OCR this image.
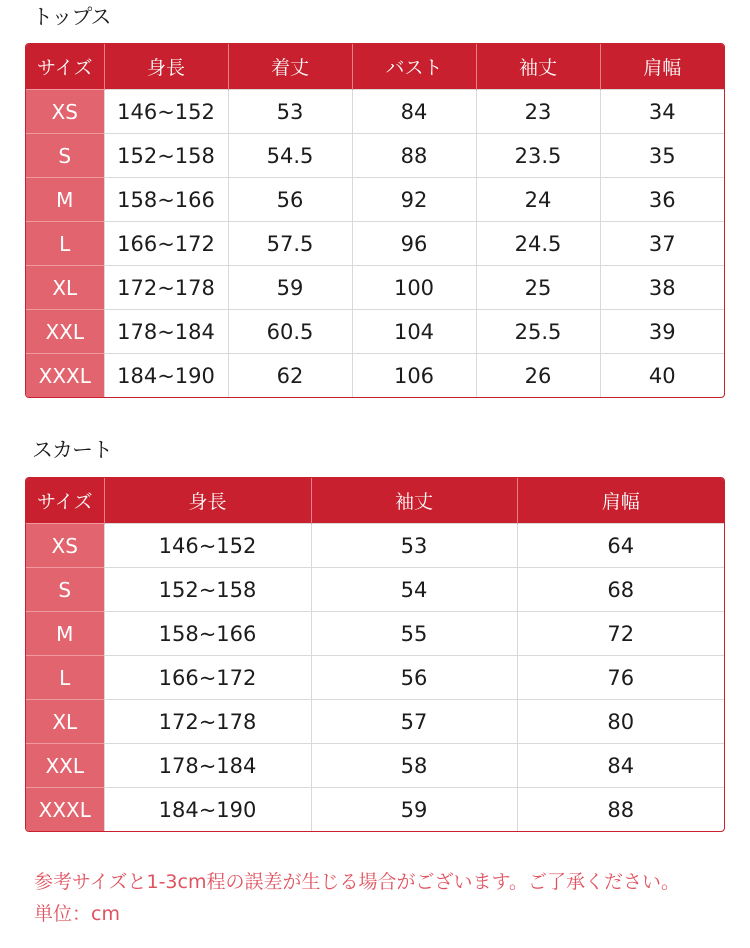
トップス
サイズ	身長	着丈	バスト	袖丈	肩幅
XS	146~152	53	84	23	34
S	152~158	54.5	88	23.5	35
M	158~166	56	92	24	36
L	166~172	57.5	96	24.5	37
XL	172~178	59	100	25	38
XXL	178~184	60.5	104	25.5	39
XXXL	184~190	62	106	26	40
スカート
サイズ	身長	袖丈	肩幅
XS	146~152	53	64
S	152~158	54	68
M	158~166	55	72
L	166~172	56	76
XL	172~178	57	80
XXL	178~184	58	84
XXXL	184~190	59	88

参考サイズと1-3cm程の誤差が生じる場合がございます。ご了承ください。

単位：cm
